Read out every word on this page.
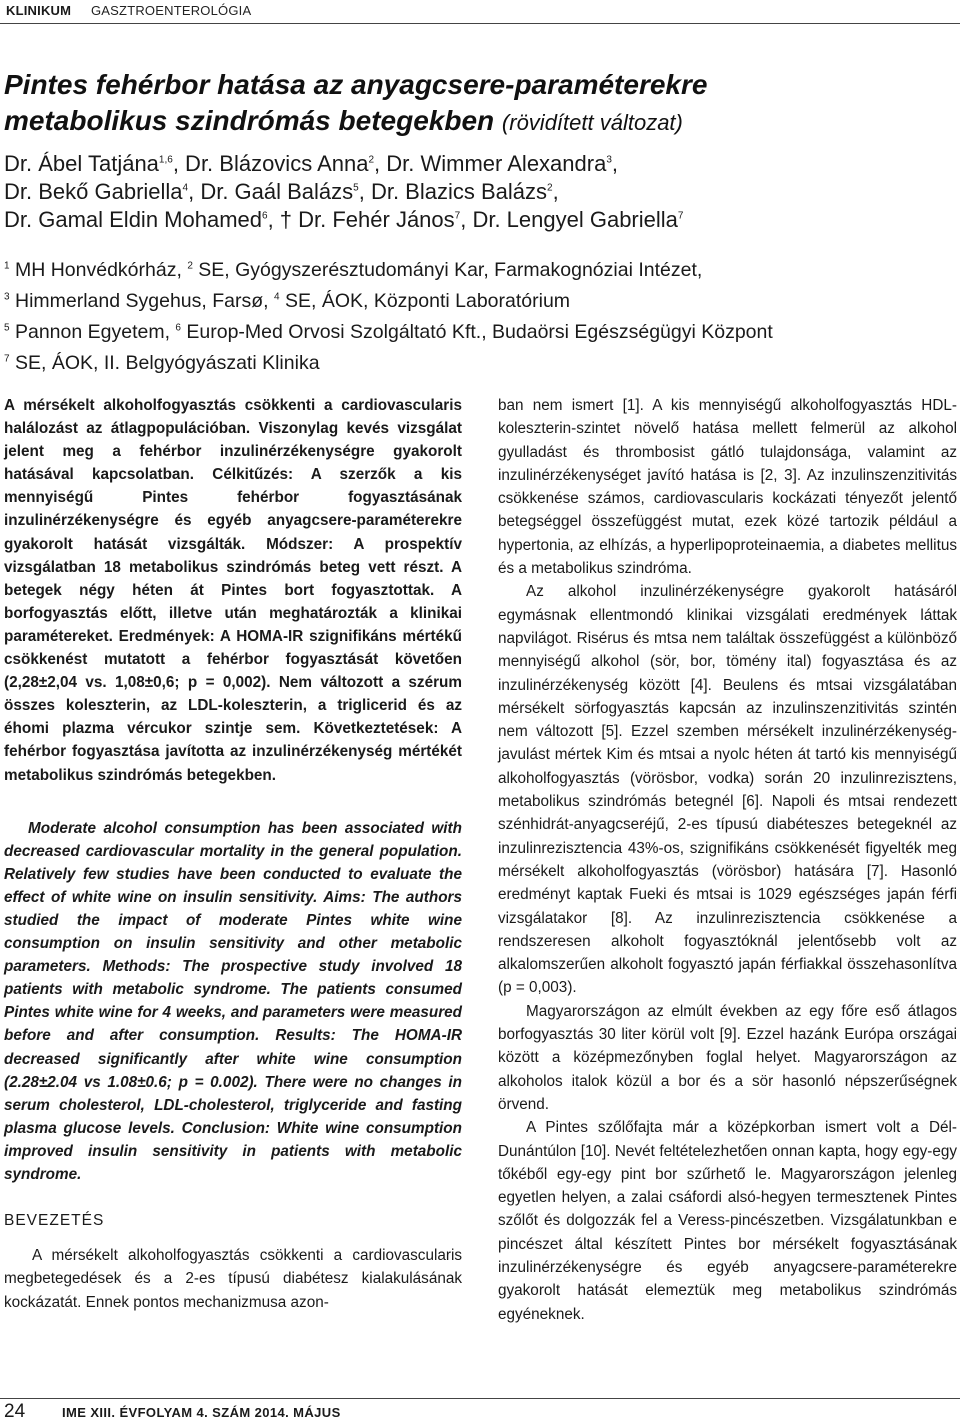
KLINIKUM GASZTROENTEROLÓGIA
Pintes fehérbor hatása az anyagcsere-paraméterekre
metabolikus szindrómás betegekben (rövidített változat)
Dr. Ábel Tatjána$^{1,6}$, Dr. Blázovics Anna$^2$, Dr. Wimmer Alexandra$^3$,
Dr. Bekő Gabriella$^4$, Dr. Gaál Balázs$^5$, Dr. Blazics Balázs$^2$,
Dr. Gamal Eldin Mohamed$^6$, † Dr. Fehér János$^7$, Dr. Lengyel Gabriella$^7$
$^1$ MH Honvédkórház, $^2$ SE, Gyógyszerésztudományi Kar, Farmakognóziai Intézet,
$^3$ Himmerland Sygehus, Farsø, $^4$ SE, ÁOK, Központi Laboratórium
$^5$ Pannon Egyetem, $^6$ Europ-Med Orvosi Szolgáltató Kft., Budaörsi Egészségügyi Központ
$^7$ SE, ÁOK, II. Belgyógyászati Klinika

A mérsékelt alkoholfogyasztás csökkenti a cardiovascularis halálozást az átlagpopulációban. Viszonylag kevés vizsgálat jelent meg a fehérbor inzulinérzékenységre gyakorolt hatásával kapcsolatban. Célkitűzés: A szerzők a kis mennyiségű Pintes fehérbor fogyasztásának inzulinérzékenységre és egyéb anyagcsere-paraméterekre gyakorolt hatását vizsgálták. Módszer: A prospektív vizsgálatban 18 metabolikus szindrómás beteg vett részt. A betegek négy héten át Pintes bort fogyasztottak. A borfogyasztás előtt, illetve után meghatározták a klinikai paramétereket. Eredmények: A HOMA-IR szignifikáns mértékű csökkenést mutatott a fehérbor fogyasztását követően (2,28±2,04 vs. 1,08±0,6; p = 0,002). Nem változott a szérum összes koleszterin, az LDL-koleszterin, a triglicerid és az éhomi plazma vércukor szintje sem. Következtetések: A fehérbor fogyasztása javította az inzulinérzékenység mértékét metabolikus szindrómás betegekben.

Moderate alcohol consumption has been associated with decreased cardiovascular mortality in the general population. Relatively few studies have been conducted to evaluate the effect of white wine on insulin sensitivity. Aims: The authors studied the impact of moderate Pintes white wine consumption on insulin sensitivity and other metabolic parameters. Methods: The prospective study involved 18 patients with metabolic syndrome. The patients consumed Pintes white wine for 4 weeks, and parameters were measured before and after consumption. Results: The HOMA-IR decreased significantly after white wine consumption (2.28±2.04 vs 1.08±0.6; p = 0.002). There were no changes in serum cholesterol, LDL-cholesterol, triglyceride and fasting plasma glucose levels. Conclusion: White wine consumption improved insulin sensitivity in patients with metabolic syndrome.

BEVEZETÉS

A mérsékelt alkoholfogyasztás csökkenti a cardiovascularis megbetegedések és a 2-es típusú diabétesz kialakulásának kockázatát. Ennek pontos mechanizmusa azon-

ban nem ismert [1]. A kis mennyiségű alkoholfogyasztás HDL-koleszterin-szintet növelő hatása mellett felmerül az alkohol gyulladást és thrombosist gátló tulajdonsága, valamint az inzulinérzékenységet javító hatása is [2, 3]. Az inzulinszenzitivitás csökkenése számos, cardiovascularis kockázati tényezőt jelentő betegséggel összefüggést mutat, ezek közé tartozik például a hypertonia, az elhízás, a hyperlipoproteinaemia, a diabetes mellitus és a metabolikus szindróma.

Az alkohol inzulinérzékenységre gyakorolt hatásáról egymásnak ellentmondó klinikai vizsgálati eredmények láttak napvilágot. Risérus és mtsa nem találtak összefüggést a különböző mennyiségű alkohol (sör, bor, tömény ital) fogyasztása és az inzulinérzékenység között [4]. Beulens és mtsai vizsgálatában mérsékelt sörfogyasztás kapcsán az inzulinszenzitivitás szintén nem változott [5]. Ezzel szemben mérsékelt inzulinérzékenység-javulást mértek Kim és mtsai a nyolc héten át tartó kis mennyiségű alkoholfogyasztás (vörösbor, vodka) során 20 inzulinrezisztens, metabolikus szindrómás betegnél [6]. Napoli és mtsai rendezett szénhidrát-anyagcseréjű, 2-es típusú diabéteszes betegeknél az inzulinrezisztencia 43%-os, szignifikáns csökkenését figyelték meg mérsékelt alkoholfogyasztás (vörösbor) hatására [7]. Hasonló eredményt kaptak Fueki és mtsai is 1029 egészséges japán férfi vizsgálatakor [8]. Az inzulinrezisztencia csökkenése a rendszeresen alkoholt fogyasztóknál jelentősebb volt az alkalomszerűen alkoholt fogyasztó japán férfiakkal összehasonlítva (p = 0,003).

Magyarországon az elmúlt években az egy főre eső átlagos borfogyasztás 30 liter körül volt [9]. Ezzel hazánk Európa országai között a középmezőnyben foglal helyet. Magyarországon az alkoholos italok közül a bor és a sör hasonló népszerűségnek örvend.

A Pintes szőlőfajta már a középkorban ismert volt a Dél-Dunántúlon [10]. Nevét feltételezhetően onnan kapta, hogy egy-egy tőkéből egy-egy pint bor szűrhető le. Magyarországon jelenleg egyetlen helyen, a zalai csáfordi alsó-hegyen termesztenek Pintes szőlőt és dolgozzák fel a Veress-pincészetben. Vizsgálatunkban e pincészet által készített Pintes bor mérsékelt fogyasztásának inzulinérzékenységre és egyéb anyagcsere-paraméterekre gyakorolt hatását elemeztük meg metabolikus szindrómás egyéneknek.

24	IME XIII. ÉVFOLYAM 4. SZÁM 2014. MÁJUS
